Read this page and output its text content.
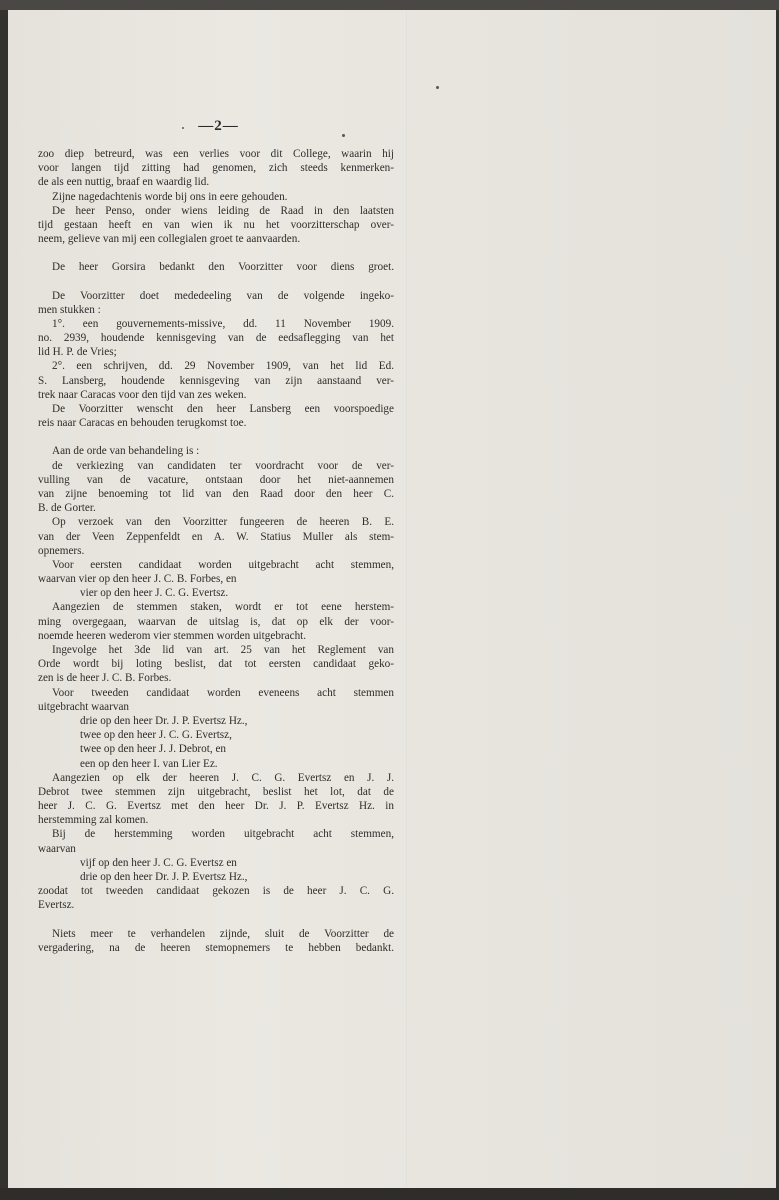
—2—
zoo diep betreurd, was een verlies voor dit College, waarin hij
voor langen tijd zitting had genomen, zich steeds kenmerken-
de als een nuttig, braaf en waardig lid.
Zijne nagedachtenis worde bij ons in eere gehouden.
De heer Penso, onder wiens leiding de Raad in den laatsten
tijd gestaan heeft en van wien ik nu het voorzitterschap over-
neem, gelieve van mij een collegialen groet te aanvaarden.
De heer Gorsira bedankt den Voorzitter voor diens groet.
De Voorzitter doet mededeeling van de volgende ingeko-
men stukken :
1°. een gouvernements-missive, dd. 11 November 1909.
no. 2939, houdende kennisgeving van de eedsaflegging van het
lid H. P. de Vries;
2°. een schrijven, dd. 29 November 1909, van het lid Ed.
S. Lansberg, houdende kennisgeving van zijn aanstaand ver-
trek naar Caracas voor den tijd van zes weken.
De Voorzitter wenscht den heer Lansberg een voorspoedige
reis naar Caracas en behouden terugkomst toe.
Aan de orde van behandeling is :
de verkiezing van candidaten ter voordracht voor de ver-
vulling van de vacature, ontstaan door het niet-aannemen
van zijne benoeming tot lid van den Raad door den heer C.
B. de Gorter.
Op verzoek van den Voorzitter fungeeren de heeren B. E.
van der Veen Zeppenfeldt en A. W. Statius Muller als stem-
opnemers.
Voor eersten candidaat worden uitgebracht acht stemmen,
waarvan vier op den heer J. C. B. Forbes, en
vier op den heer J. C. G. Evertsz.
Aangezien de stemmen staken, wordt er tot eene herstem-
ming overgegaan, waarvan de uitslag is, dat op elk der voor-
noemde heeren wederom vier stemmen worden uitgebracht.
Ingevolge het 3de lid van art. 25 van het Reglement van
Orde wordt bij loting beslist, dat tot eersten candidaat geko-
zen is de heer J. C. B. Forbes.
Voor tweeden candidaat worden eveneens acht stemmen
uitgebracht waarvan
drie op den heer Dr. J. P. Evertsz Hz.,
twee op den heer J. C. G. Evertsz,
twee op den heer J. J. Debrot, en
een op den heer I. van Lier Ez.
Aangezien op elk der heeren J. C. G. Evertsz en J. J.
Debrot twee stemmen zijn uitgebracht, beslist het lot, dat de
heer J. C. G. Evertsz met den heer Dr. J. P. Evertsz Hz. in
herstemming zal komen.
Bij de herstemming worden uitgebracht acht stemmen,
waarvan
vijf op den heer J. C. G. Evertsz en
drie op den heer Dr. J. P. Evertsz Hz.,
zoodat tot tweeden candidaat gekozen is de heer J. C. G.
Evertsz.
Niets meer te verhandelen zijnde, sluit de Voorzitter de
vergadering, na de heeren stemopnemers te hebben bedankt.
